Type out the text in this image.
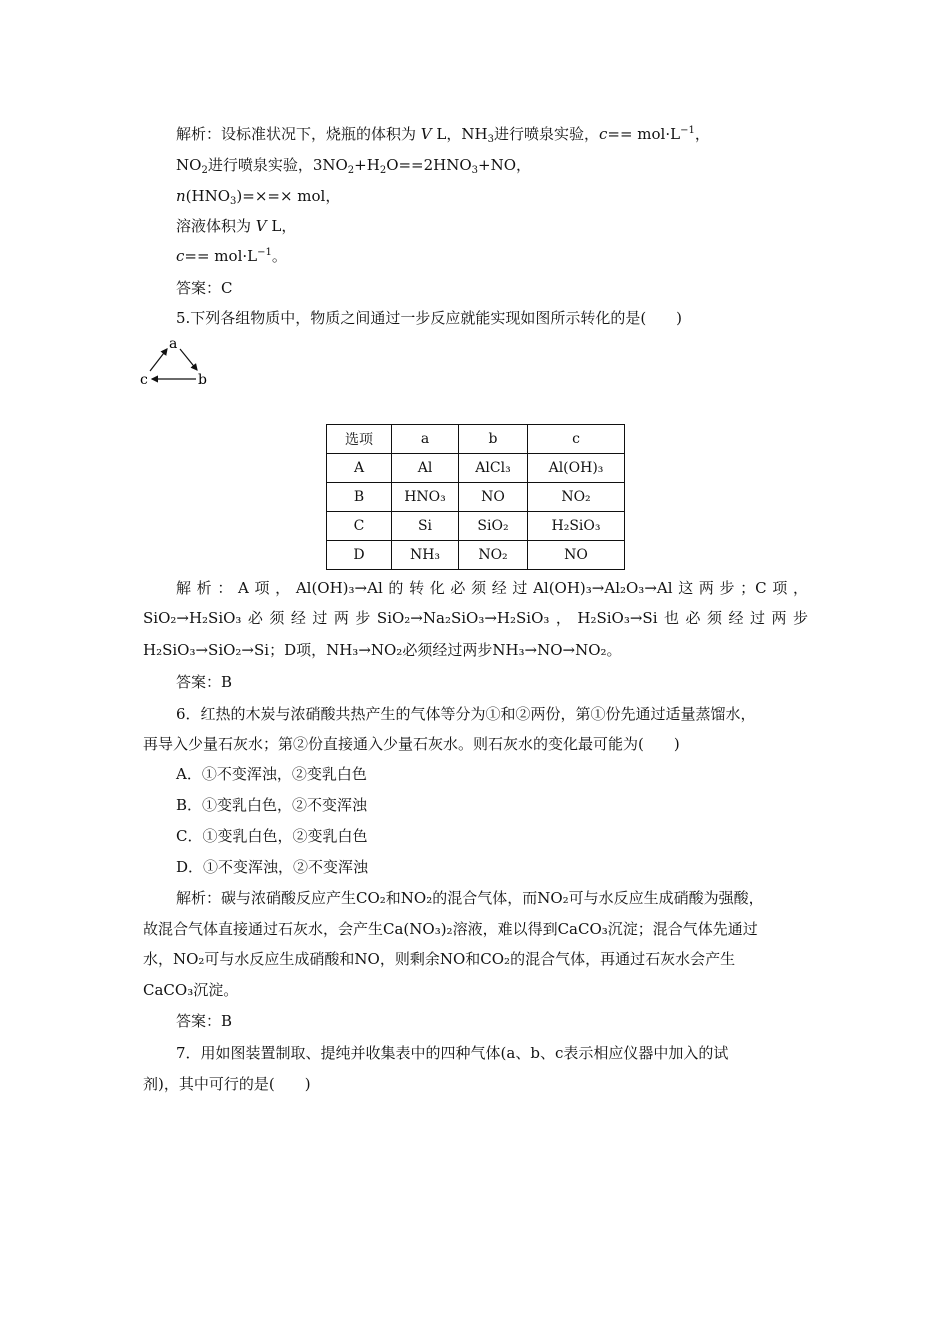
解析：设标准状况下，烧瓶的体积为 V L，$NH_3$进行喷泉实验，$c== mol\cdot L^{-1}$，
$NO_2$进行喷泉实验，$3NO_2+H_2O==2HNO_3+NO$，
$n(HNO_3)=\times=\times$ mol，
溶液体积为 V L，
$c== mol\cdot L^{-1}$。
答案：C
5.下列各组物质中，物质之间通过一步反应就能实现如图所示转化的是(　　)
a
b
c
选项	a	b	c
A	Al	AlCl₃	Al(OH)₃
B	HNO₃	NO	NO₂
C	Si	SiO₂	H₂SiO₃
D	NH₃	NO₂	NO
解析：A项，Al(OH)₃→Al的转化必须经过Al(OH)₃→Al₂O₃→Al这两步；C项，
SiO₂→H₂SiO₃必须经过两步SiO₂→Na₂SiO₃→H₂SiO₃，H₂SiO₃→Si也必须经过两步
H₂SiO₃→SiO₂→Si；D项，NH₃→NO₂必须经过两步NH₃→NO→NO₂。
答案：B
6．红热的木炭与浓硝酸共热产生的气体等分为①和②两份，第①份先通过适量蒸馏水，
再导入少量石灰水；第②份直接通入少量石灰水。则石灰水的变化最可能为(　　)
A．①不变浑浊，②变乳白色
B．①变乳白色，②不变浑浊
C．①变乳白色，②变乳白色
D．①不变浑浊，②不变浑浊
解析：碳与浓硝酸反应产生CO₂和NO₂的混合气体，而NO₂可与水反应生成硝酸为强酸，
故混合气体直接通过石灰水，会产生Ca(NO₃)₂溶液，难以得到CaCO₃沉淀；混合气体先通过
水，NO₂可与水反应生成硝酸和NO，则剩余NO和CO₂的混合气体，再通过石灰水会产生
CaCO₃沉淀。
答案：B
7．用如图装置制取、提纯并收集表中的四种气体(a、b、c表示相应仪器中加入的试
剂)，其中可行的是(　　)
